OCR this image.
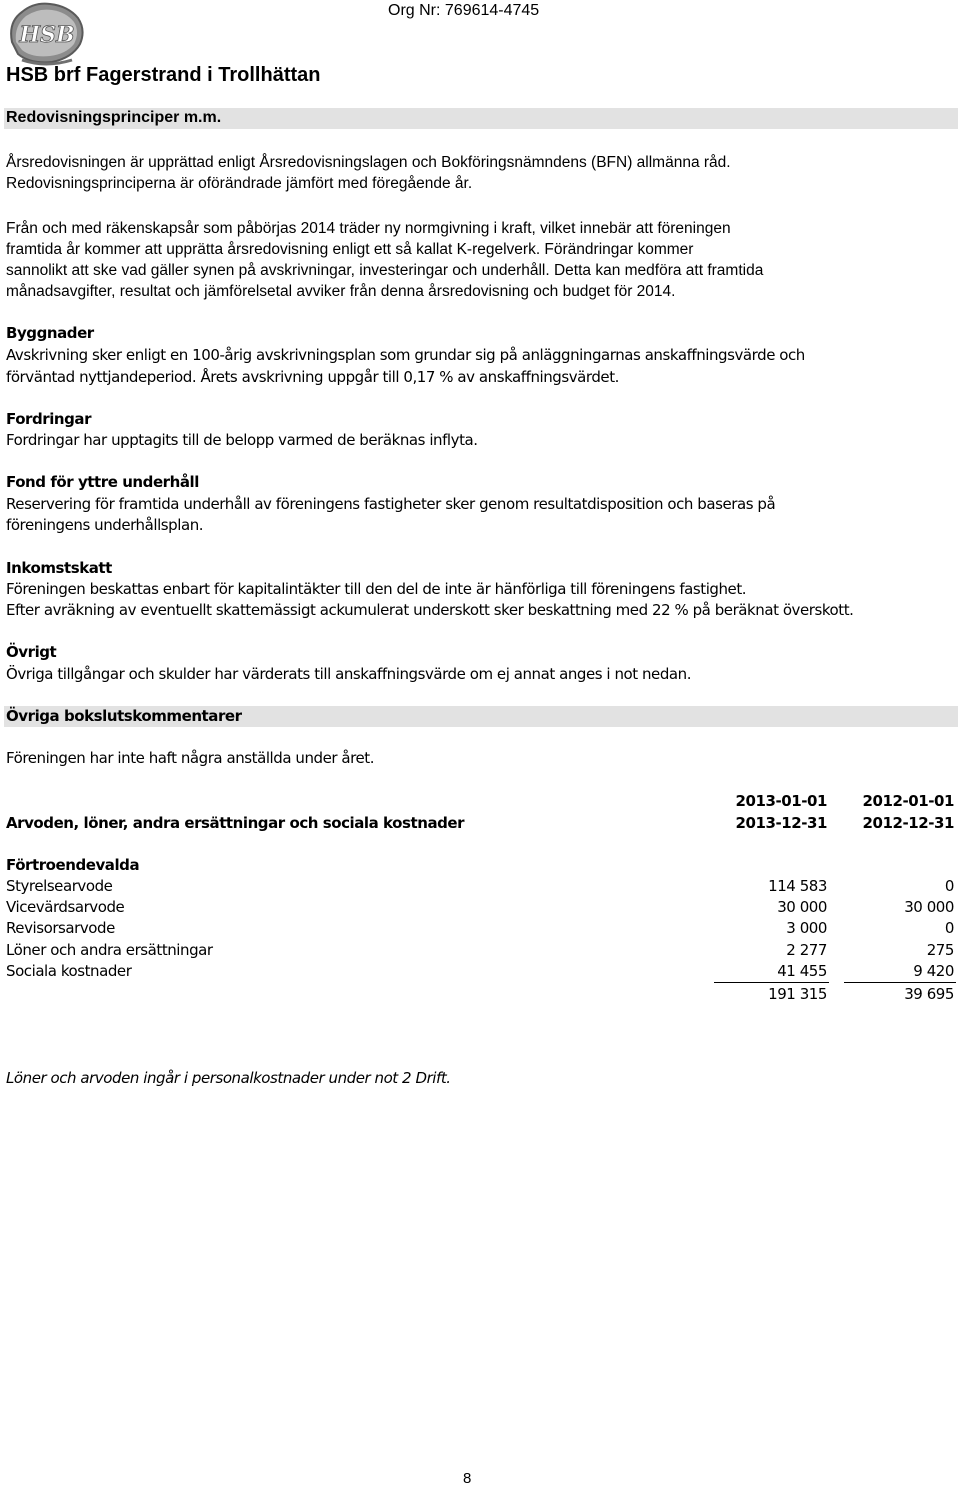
HSB
Org Nr: 769614-4745
HSB brf Fagerstrand i Trollhättan
Redovisningsprinciper m.m.
Årsredovisningen är upprättad enligt Årsredovisningslagen och Bokföringsnämndens (BFN) allmänna råd.
Redovisningsprinciperna är oförändrade jämfört med föregående år.
Från och med räkenskapsår som påbörjas 2014 träder ny normgivning i kraft, vilket innebär att föreningen
framtida år kommer att upprätta årsredovisning enligt ett så kallat K-regelverk. Förändringar kommer
sannolikt att ske vad gäller synen på avskrivningar, investeringar och underhåll. Detta kan medföra att framtida
månadsavgifter, resultat och jämförelsetal avviker från denna årsredovisning och budget för 2014.
Byggnader
Avskrivning sker enligt en 100-årig avskrivningsplan som grundar sig på anläggningarnas anskaffningsvärde och
förväntad nyttjandeperiod. Årets avskrivning uppgår till 0,17 % av anskaffningsvärdet.
Fordringar
Fordringar har upptagits till de belopp varmed de beräknas inflyta.
Fond för yttre underhåll
Reservering för framtida underhåll av föreningens fastigheter sker genom resultatdisposition och baseras på
föreningens underhållsplan.
Inkomstskatt
Föreningen beskattas enbart för kapitalintäkter till den del de inte är hänförliga till föreningens fastighet.
Efter avräkning av eventuellt skattemässigt ackumulerat underskott sker beskattning med 22 % på beräknat överskott.
Övrigt
Övriga tillgångar och skulder har värderats till anskaffningsvärde om ej annat anges i not nedan.
Övriga bokslutskommentarer
Föreningen har inte haft några anställda under året.
2013-01-01 2012-01-01
Arvoden, löner, andra ersättningar och sociala kostnader	2013-12-31 2012-12-31
Förtroendevalda
Styrelsearvode	114 583	0
Vicevärdsarvode	30 000	30 000
Revisorsarvode	3 000	0
Löner och andra ersättningar	2 277	275
Sociala kostnader	41 455	9 420
191 315	39 695
Löner och arvoden ingår i personalkostnader under not 2 Drift.
8
